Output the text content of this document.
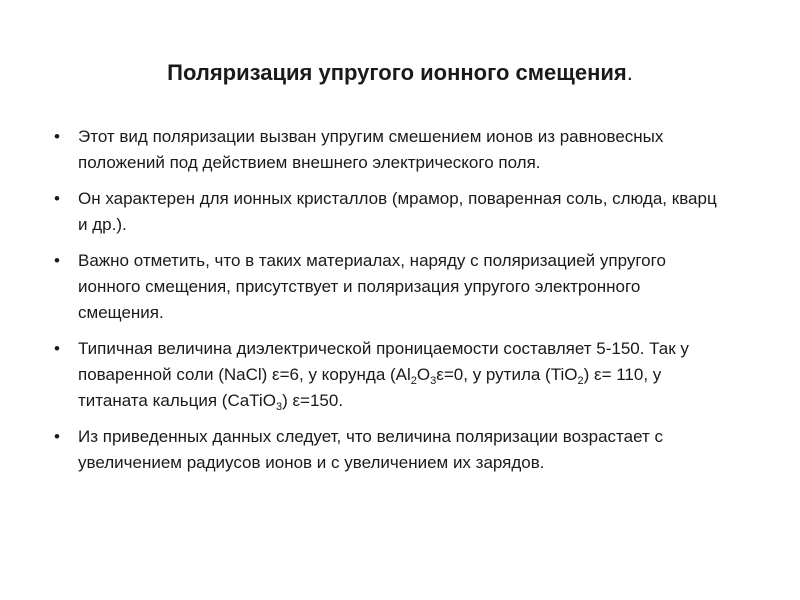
Поляризация упругого ионного смещения.
• Этот вид поляризации вызван упругим смешением ионов из равновесных положений под действием внешнего электрического поля.
• Он характерен для ионных кристаллов (мрамор, поваренная соль, слюда, кварц и др.).
• Важно отметить, что в таких материалах, наряду с поляризацией упругого ионного смещения, присутствует и поляризация упругого электронного смещения.
• Типичная величина диэлектрической проницаемости составляет 5-150. Так у поваренной соли (NaCl) ε=6, у корунда ($Al_2O_3\varepsilon=0$, у рутила (TiO$_2$) ε= 110, у титаната кальция (CaTiO$_3$) ε=150.
• Из приведенных данных следует, что величина поляризации возрастает с увеличением радиусов ионов и с увеличением их зарядов.
